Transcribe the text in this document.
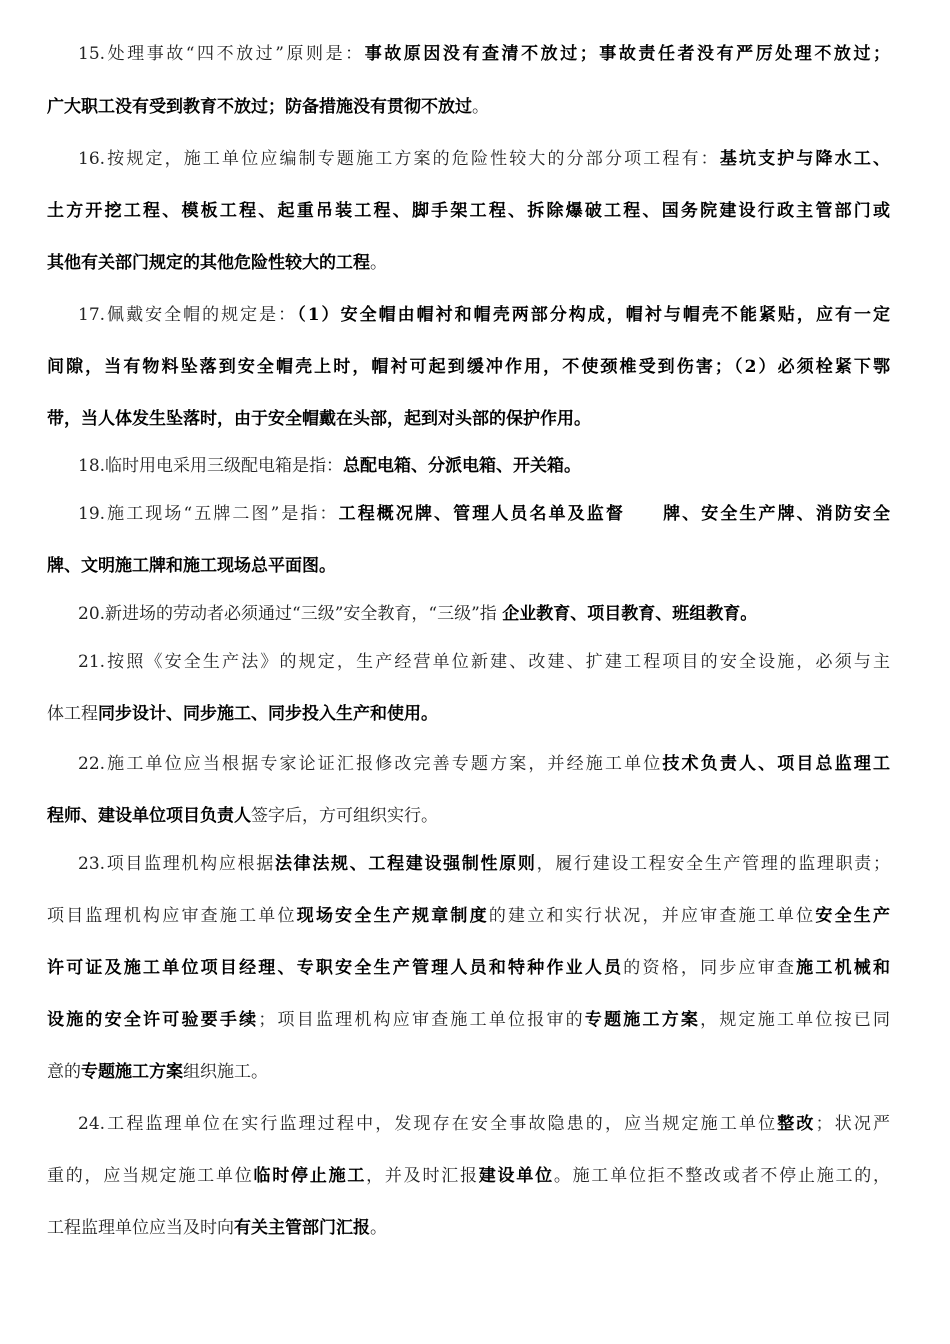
15.处理事故“四不放过”原则是：事故原因没有查清不放过；事故责任者没有严厉处理不放过；
广大职工没有受到教育不放过；防备措施没有贯彻不放过。
16.按规定，施工单位应编制专题施工方案的危险性较大的分部分项工程有：基坑支护与降水工、
土方开挖工程、模板工程、起重吊装工程、脚手架工程、拆除爆破工程、国务院建设行政主管部门或
其他有关部门规定的其他危险性较大的工程。
17.佩戴安全帽的规定是：（1）安全帽由帽衬和帽壳两部分构成，帽衬与帽壳不能紧贴，应有一定
间隙，当有物料坠落到安全帽壳上时，帽衬可起到缓冲作用，不使颈椎受到伤害；（2）必须栓紧下鄂
带，当人体发生坠落时，由于安全帽戴在头部，起到对头部的保护作用。
18.临时用电采用三级配电箱是指：总配电箱、分派电箱、开关箱。
19.施工现场“五牌二图”是指：工程概况牌、管理人员名单及监督　　牌、安全生产牌、消防安全
牌、文明施工牌和施工现场总平面图。
20.新进场的劳动者必须通过“三级”安全教育，“三级”指 企业教育、项目教育、班组教育。
21.按照《安全生产法》的规定，生产经营单位新建、改建、扩建工程项目的安全设施，必须与主
体工程同步设计、同步施工、同步投入生产和使用。
22.施工单位应当根据专家论证汇报修改完善专题方案，并经施工单位技术负责人、项目总监理工
程师、建设单位项目负责人签字后，方可组织实行。
23.项目监理机构应根据法律法规、工程建设强制性原则，履行建设工程安全生产管理的监理职责；
项目监理机构应审查施工单位现场安全生产规章制度的建立和实行状况，并应审查施工单位安全生产
许可证及施工单位项目经理、专职安全生产管理人员和特种作业人员的资格，同步应审查施工机械和
设施的安全许可验要手续；项目监理机构应审查施工单位报审的专题施工方案，规定施工单位按已同
意的专题施工方案组织施工。
24.工程监理单位在实行监理过程中，发现存在安全事故隐患的，应当规定施工单位整改；状况严
重的，应当规定施工单位临时停止施工，并及时汇报建设单位。施工单位拒不整改或者不停止施工的，
工程监理单位应当及时向有关主管部门汇报。
